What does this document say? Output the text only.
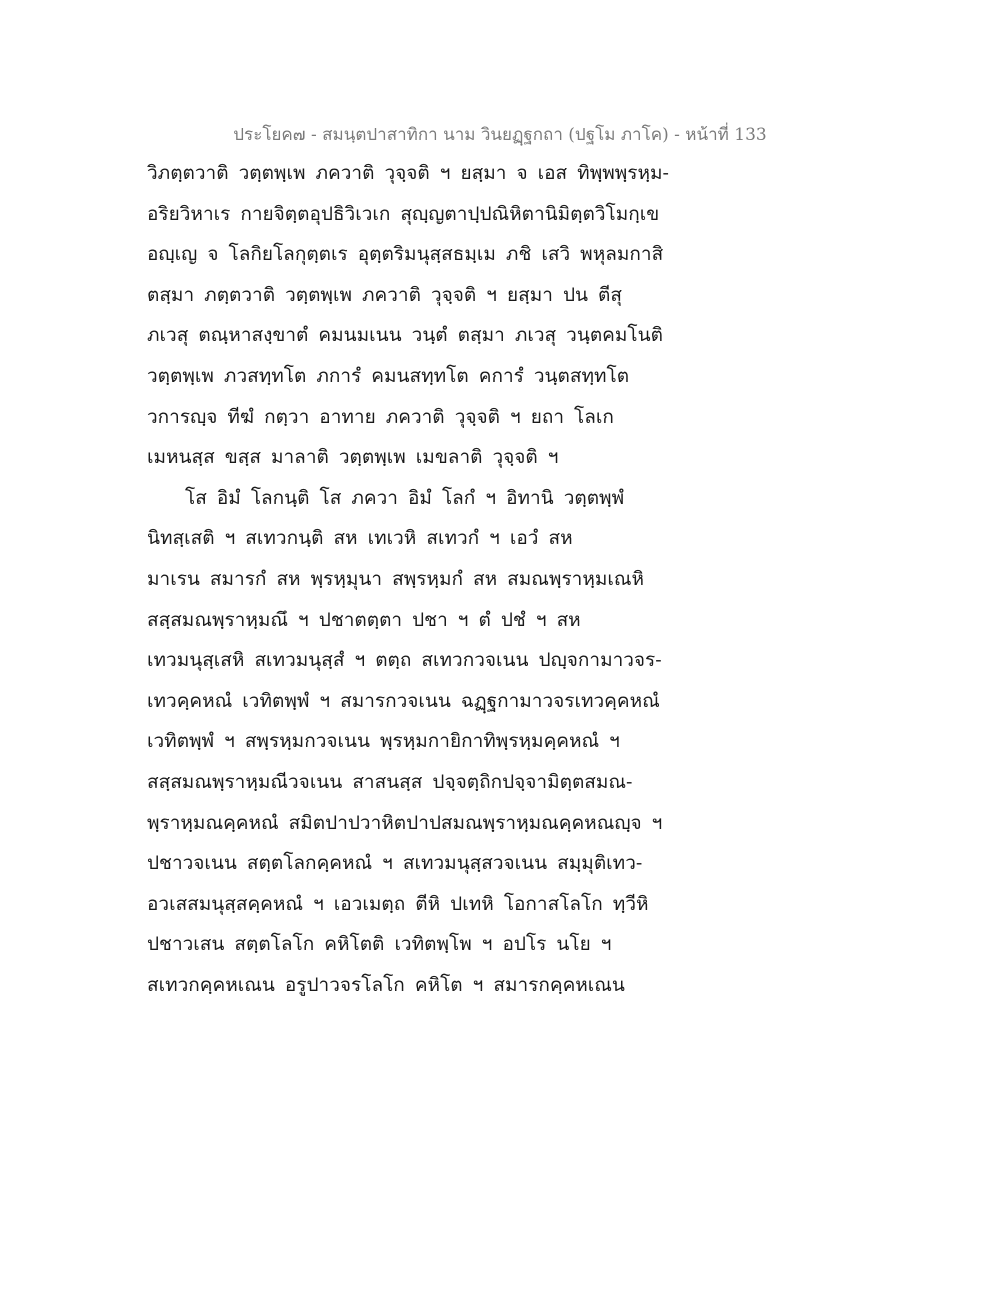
ประโยค๗ - สมนฺตปาสาทิกา นาม วินยฏฺฐกถา (ปฐโม ภาโค) - หน้าที่ 133
วิภตฺตวาติ วตฺตพฺเพ ภควาติ วุจฺจติ ฯ ยสฺมา จ เอส ทิพฺพพฺรหฺม-
อริยวิหาเร กายจิตฺตอุปธิวิเวเก สุญฺญตาปฺปณิหิตานิมิตฺตวิโมกฺเข
อญฺเญ จ โลกิยโลกุตฺตเร อุตฺตริมนุสฺสธมฺเม ภชิ เสวิ พหุลมกาสิ
ตสฺมา ภตฺตวาติ วตฺตพฺเพ ภควาติ วุจฺจติ ฯ ยสฺมา ปน ตีสุ
ภเวสุ ตณฺหาสงฺขาตํ คมนมเนน วนฺตํ ตสฺมา ภเวสุ วนฺตคมโนติ
วตฺตพฺเพ ภวสทฺทโต ภการํ คมนสทฺทโต คการํ วนฺตสทฺทโต
วการญฺจ ทีฆํ กตฺวา อาทาย ภควาติ วุจฺจติ ฯ ยถา โลเก
เมหนสฺส ขสฺส มาลาติ วตฺตพฺเพ เมขลาติ วุจฺจติ ฯ
โส อิมํ โลกนฺติ โส ภควา อิมํ โลกํ ฯ อิทานิ วตฺตพฺพํ
นิทสฺเสติ ฯ สเทวกนฺติ สห เทเวหิ สเทวกํ ฯ เอวํ สห
มาเรน สมารกํ สห พฺรหฺมุนา สพฺรหฺมกํ สห สมณพฺราหฺมเณหิ
สสฺสมณพฺราหฺมณึ ฯ ปชาตตฺตา ปชา ฯ ตํ ปชํ ฯ สห
เทวมนุสฺเสหิ สเทวมนุสฺสํ ฯ ตตฺถ สเทวกวจเนน ปญฺจกามาวจร-
เทวคฺคหณํ เวทิตพฺพํ ฯ สมารกวจเนน ฉฏฺฐกามาวจรเทวคฺคหณํ
เวทิตพฺพํ ฯ สพฺรหฺมกวจเนน พฺรหฺมกายิกาทิพฺรหฺมคฺคหณํ ฯ
สสฺสมณพฺราหฺมณีวจเนน สาสนสฺส ปจฺจตฺถิกปจฺจามิตฺตสมณ-
พฺราหฺมณคฺคหณํ สมิตปาปวาหิตปาปสมณพฺราหฺมณคฺคหณญฺจ ฯ
ปชาวจเนน สตฺตโลกคฺคหณํ ฯ สเทวมนุสฺสวจเนน สมฺมุติเทว-
อวเสสมนุสฺสคฺคหณํ ฯ เอวเมตฺถ ตีหิ ปเทหิ โอกาสโลโก ทฺวีหิ
ปชาวเสน สตฺตโลโก คหิโตติ เวทิตพฺโพ ฯ อปโร นโย ฯ
สเทวกคฺคหเณน อรูปาวจรโลโก คหิโต ฯ สมารกคฺคหเณน
